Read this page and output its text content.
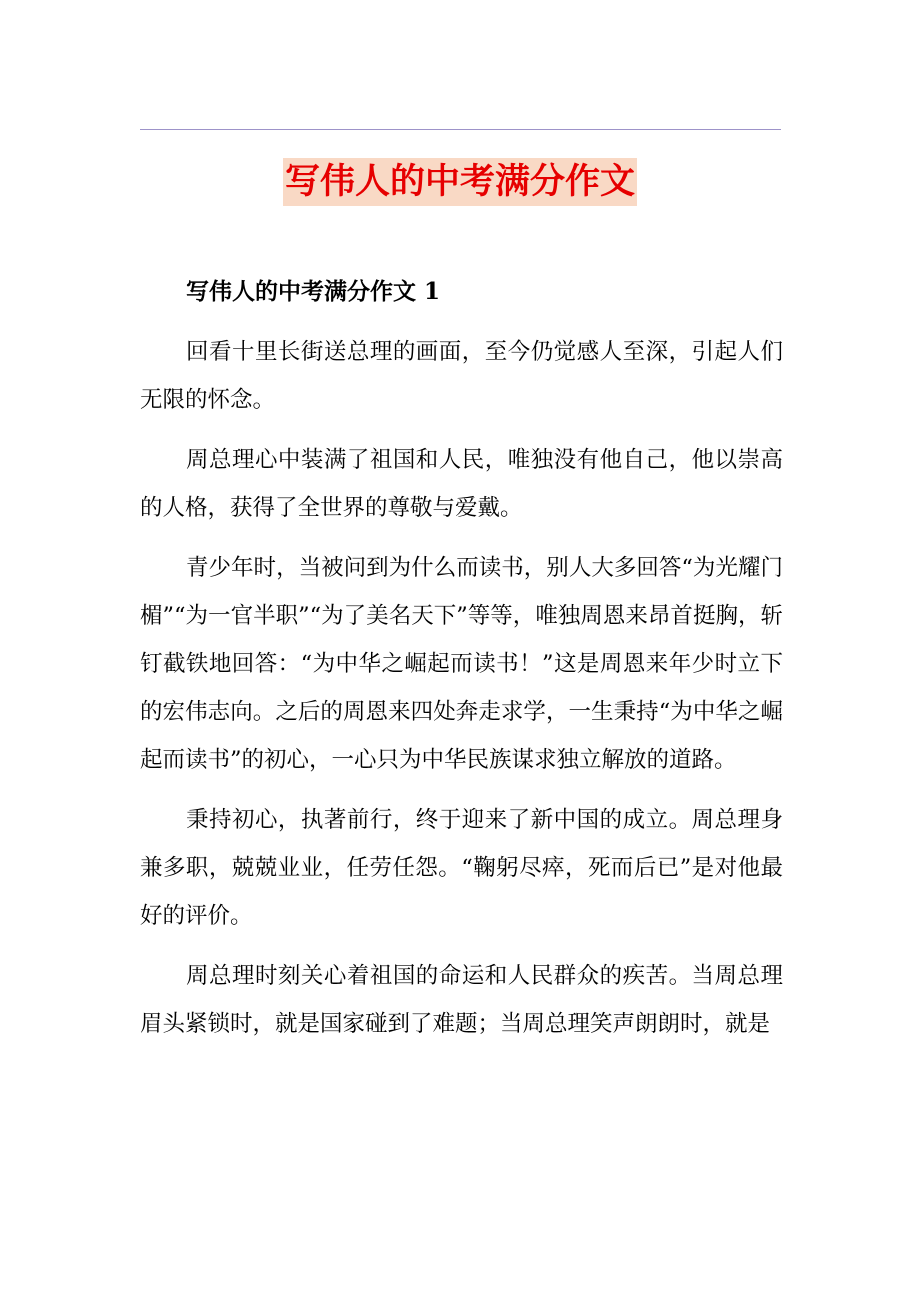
写伟人的中考满分作文

写伟人的中考满分作文 1

回看十里长街送总理的画面，至今仍觉感人至深，引起人们无限的怀念。

周总理心中装满了祖国和人民，唯独没有他自己，他以崇高的人格，获得了全世界的尊敬与爱戴。

青少年时，当被问到为什么而读书，别人大多回答“为光耀门楣”“为一官半职”“为了美名天下”等等，唯独周恩来昂首挺胸，斩钉截铁地回答：“为中华之崛起而读书！”这是周恩来年少时立下的宏伟志向。之后的周恩来四处奔走求学，一生秉持“为中华之崛起而读书”的初心，一心只为中华民族谋求独立解放的道路。

秉持初心，执著前行，终于迎来了新中国的成立。周总理身兼多职，兢兢业业，任劳任怨。“鞠躬尽瘁，死而后已”是对他最好的评价。

周总理时刻关心着祖国的命运和人民群众的疾苦。当周总理眉头紧锁时，就是国家碰到了难题；当周总理笑声朗朗时，就是
